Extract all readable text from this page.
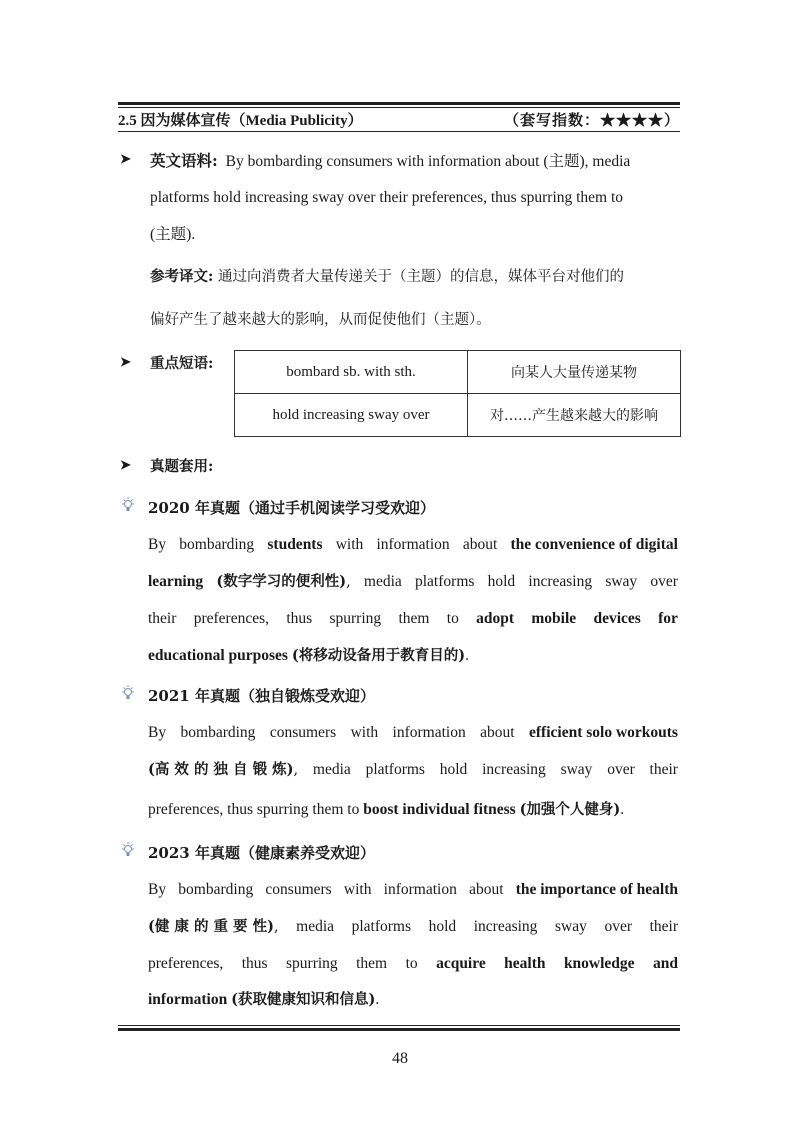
2.5 因为媒体宣传（Media Publicity）	（套写指数：★★★★）
➤ 英文语料: By bombarding consumers with information about (主题), media
platforms hold increasing sway over their preferences, thus spurring them to
(主题).
参考译文: 通过向消费者大量传递关于（主题）的信息，媒体平台对他们的
偏好产生了越来越大的影响，从而促使他们（主题）。
➤ 重点短语:	bombard sb. with sth.	向某人大量传递某物
hold increasing sway over	对……产生越来越大的影响
➤ 真题套用:
2020 年真题（通过手机阅读学习受欢迎）
By bombarding students with information about the convenience of digital
learning (数字学习的便利性), media platforms hold increasing sway over
their preferences, thus spurring them to adopt mobile devices for
educational purposes (将移动设备用于教育目的).
2021 年真题（独自锻炼受欢迎）
By bombarding consumers with information about efficient solo workouts
(高 效 的 独 自 锻 炼), media platforms hold increasing sway over their
preferences, thus spurring them to boost individual fitness (加强个人健身).
2023 年真题（健康素养受欢迎）
By bombarding consumers with information about the importance of health
(健 康 的 重 要 性), media platforms hold increasing sway over their
preferences, thus spurring them to acquire health knowledge and
information (获取健康知识和信息).
48
